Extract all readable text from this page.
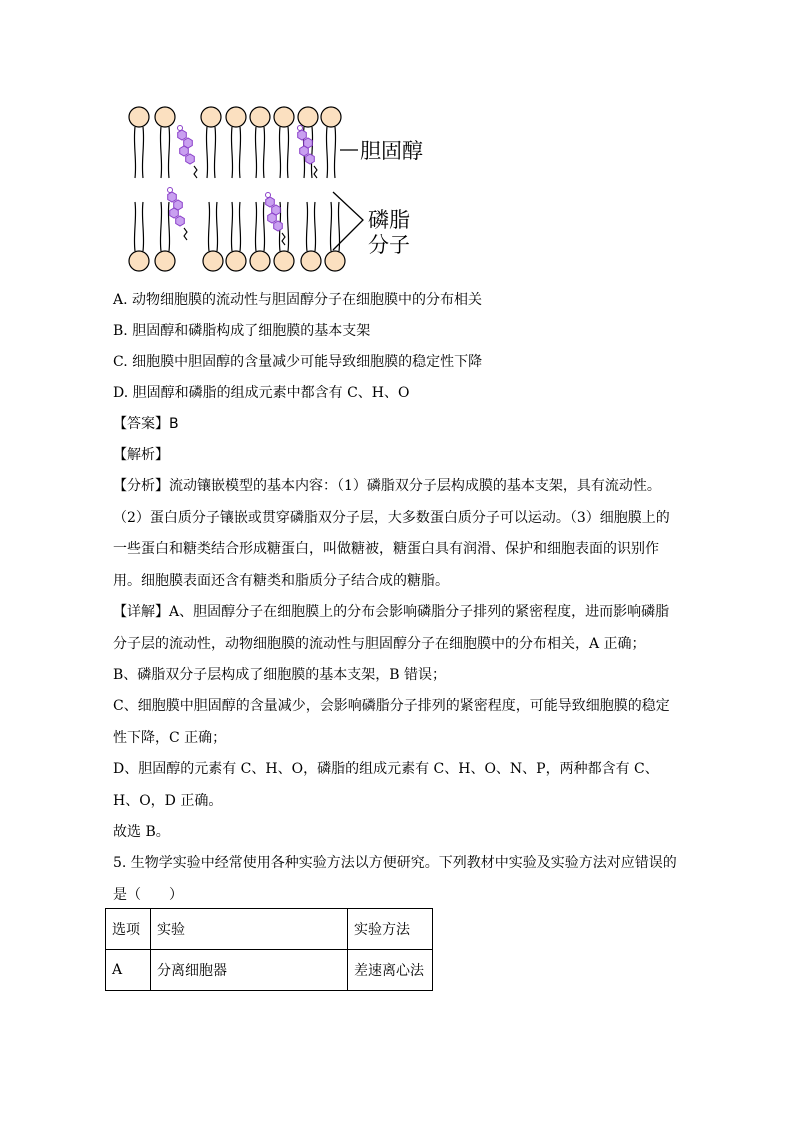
胆固醇
磷脂
分子
A. 动物细胞膜的流动性与胆固醇分子在细胞膜中的分布相关
B. 胆固醇和磷脂构成了细胞膜的基本支架
C. 细胞膜中胆固醇的含量减少可能导致细胞膜的稳定性下降
D. 胆固醇和磷脂的组成元素中都含有 C、H、O
【答案】B
【解析】
【分析】流动镶嵌模型的基本内容：（1）磷脂双分子层构成膜的基本支架，具有流动性。（2）蛋白质分子镶嵌或贯穿磷脂双分子层，大多数蛋白质分子可以运动。（3）细胞膜上的一些蛋白和糖类结合形成糖蛋白，叫做糖被，糖蛋白具有润滑、保护和细胞表面的识别作用。细胞膜表面还含有糖类和脂质分子结合成的糖脂。
【详解】A、胆固醇分子在细胞膜上的分布会影响磷脂分子排列的紧密程度，进而影响磷脂分子层的流动性，动物细胞膜的流动性与胆固醇分子在细胞膜中的分布相关，A 正确；
B、磷脂双分子层构成了细胞膜的基本支架，B 错误；
C、细胞膜中胆固醇的含量减少，会影响磷脂分子排列的紧密程度，可能导致细胞膜的稳定性下降，C 正确；
D、胆固醇的元素有 C、H、O，磷脂的组成元素有 C、H、O、N、P，两种都含有 C、H、O，D 正确。
故选 B。
5. 生物学实验中经常使用各种实验方法以方便研究。下列教材中实验及实验方法对应错误的是（　　）
选项	实验	实验方法
A	分离细胞器	差速离心法
